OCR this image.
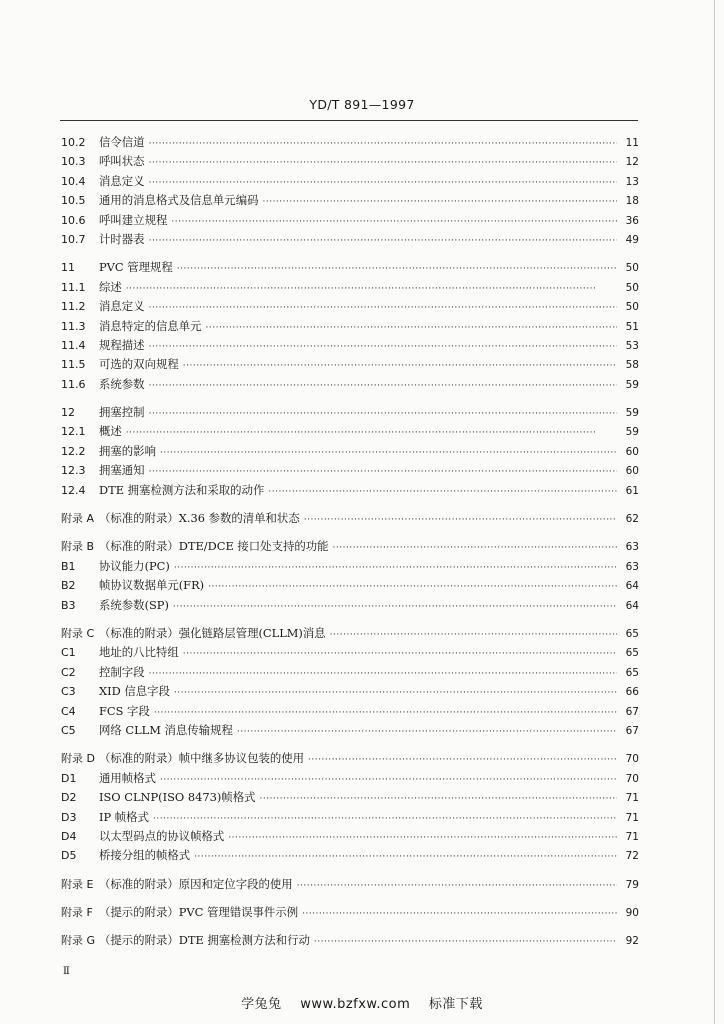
YD/T 891—1997
10.2	信令信道 ·····	11
10.3	呼叫状态 ·····	12
10.4	消息定义 ·····	13
10.5	通用的消息格式及信息单元编码 ·····	18
10.6	呼叫建立规程 ·····	36
10.7	计时器表 ·····	49
11	PVC 管理规程 ·····	50
11.1	综述 ·····	50
11.2	消息定义 ·····	50
11.3	消息特定的信息单元 ·····	51
11.4	规程描述 ·····	53
11.5	可选的双向规程 ·····	58
11.6	系统参数 ·····	59
12	拥塞控制 ·····	59
12.1	概述 ·····	59
12.2	拥塞的影响 ·····	60
12.3	拥塞通知 ·····	60
12.4	DTE 拥塞检测方法和采取的动作 ·····	61
附录 A （标准的附录）X.36 参数的清单和状态 ·····	62
附录 B （标准的附录）DTE/DCE 接口处支持的功能 ·····	63
B1	协议能力(PC) ·····	63
B2	帧协议数据单元(FR) ·····	64
B3	系统参数(SP) ·····	64
附录 C （标准的附录）强化链路层管理(CLLM)消息 ·····	65
C1	地址的八比特组 ·····	65
C2	控制字段 ·····	65
C3	XID 信息字段 ·····	66
C4	FCS 字段 ·····	67
C5	网络 CLLM 消息传输规程 ·····	67
附录 D （标准的附录）帧中继多协议包装的使用 ·····	70
D1	通用帧格式 ·····	70
D2	ISO CLNP(ISO 8473)帧格式 ·····	71
D3	IP 帧格式 ·····	71
D4	以太型码点的协议帧格式 ·····	71
D5	桥接分组的帧格式 ·····	72
附录 E （标准的附录）原因和定位字段的使用 ·····	79
附录 F （提示的附录）PVC 管理错误事件示例 ·····	90
附录 G （提示的附录）DTE 拥塞检测方法和行动 ·····	92
Ⅱ
学兔兔 www.bzfxw.com 标准下载
